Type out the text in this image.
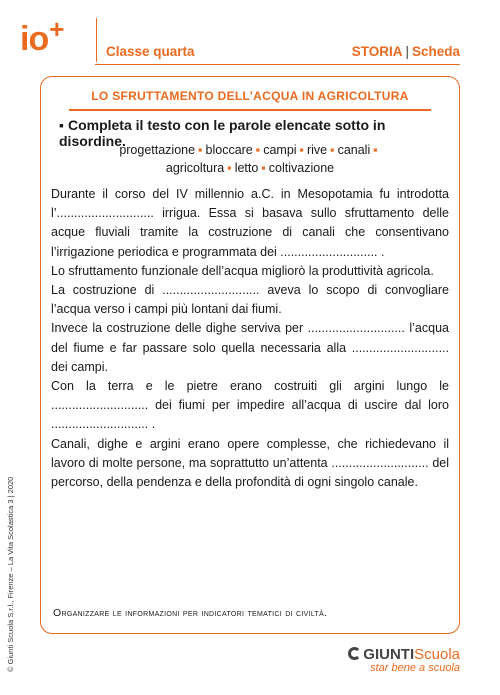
io+
Classe quarta	STORIA | Scheda
LO SFRUTTAMENTO DELL’ACQUA IN AGRICOLTURA
▪ Completa il testo con le parole elencate sotto in disordine.
progettazione ▪ bloccare ▪ campi ▪ rive ▪ canali ▪
agricoltura ▪ letto ▪ coltivazione

Durante il corso del IV millennio a.C. in Mesopotamia fu introdotta l’............................ irrigua. Essa si basava sullo sfruttamento delle acque fluviali tramite la costruzione di canali che consentivano l’irrigazione periodica e programmata dei ............................ .

Lo sfruttamento funzionale dell’acqua migliorò la produttività agricola.

La costruzione di ............................ aveva lo scopo di convogliare l’acqua verso i campi più lontani dai fiumi.

Invece la costruzione delle dighe serviva per ............................ l’acqua del fiume e far passare solo quella necessaria alla ............................ dei campi.

Con la terra e le pietre erano costruiti gli argini lungo le ............................ dei fiumi per impedire all’acqua di uscire dal loro ............................ .

Canali, dighe e argini erano opere complesse, che richiedevano il lavoro di molte persone, ma soprattutto un’attenta ............................ del percorso, della pendenza e della profondità di ogni singolo canale.

Organizzare le informazioni per indicatori tematici di civiltà.
© Giunti Scuola S.r.l., Firenze – La Vita Scolastica 3 | 2020	GIUNTIScuola
star bene a scuola
